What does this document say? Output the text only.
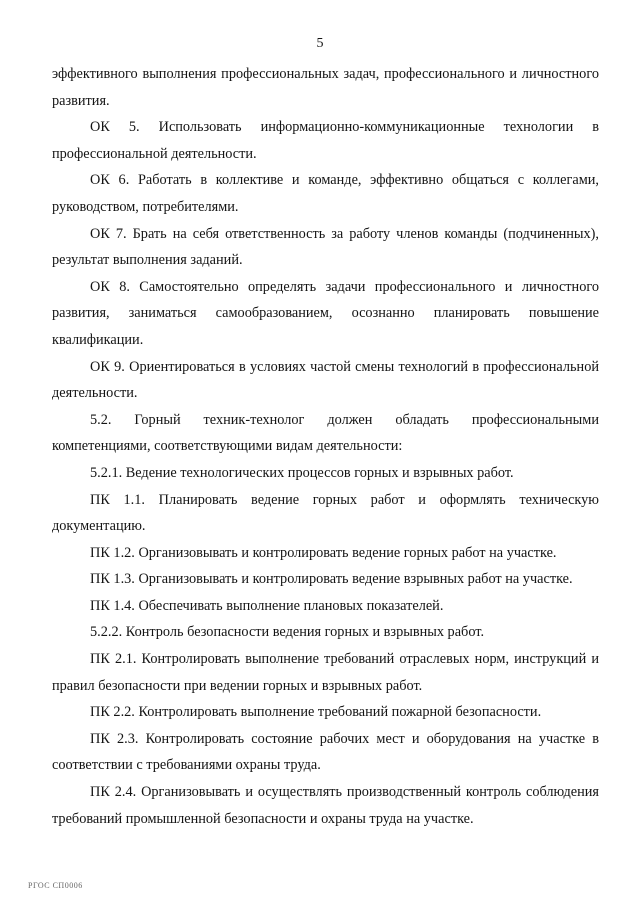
5

эффективного выполнения профессиональных задач, профессионального и личностного развития.

ОК 5. Использовать информационно-коммуникационные технологии в профессиональной деятельности.

ОК 6. Работать в коллективе и команде, эффективно общаться с коллегами, руководством, потребителями.

ОК 7. Брать на себя ответственность за работу членов команды (подчиненных), результат выполнения заданий.

ОК 8. Самостоятельно определять задачи профессионального и личностного развития, заниматься самообразованием, осознанно планировать повышение квалификации.

ОК 9. Ориентироваться в условиях частой смены технологий в профессиональной деятельности.

5.2. Горный техник-технолог должен обладать профессиональными компетенциями, соответствующими видам деятельности:

5.2.1. Ведение технологических процессов горных и взрывных работ.

ПК 1.1. Планировать ведение горных работ и оформлять техническую документацию.

ПК 1.2. Организовывать и контролировать ведение горных работ на участке.

ПК 1.3. Организовывать и контролировать ведение взрывных работ на участке.

ПК 1.4. Обеспечивать выполнение плановых показателей.

5.2.2. Контроль безопасности ведения горных и взрывных работ.

ПК 2.1. Контролировать выполнение требований отраслевых норм, инструкций и правил безопасности при ведении горных и взрывных работ.

ПК 2.2. Контролировать выполнение требований пожарной безопасности.

ПК 2.3. Контролировать состояние рабочих мест и оборудования на участке в соответствии с требованиями охраны труда.

ПК 2.4. Организовывать и осуществлять производственный контроль соблюдения требований промышленной безопасности и охраны труда на участке.

РГОС СП0006
